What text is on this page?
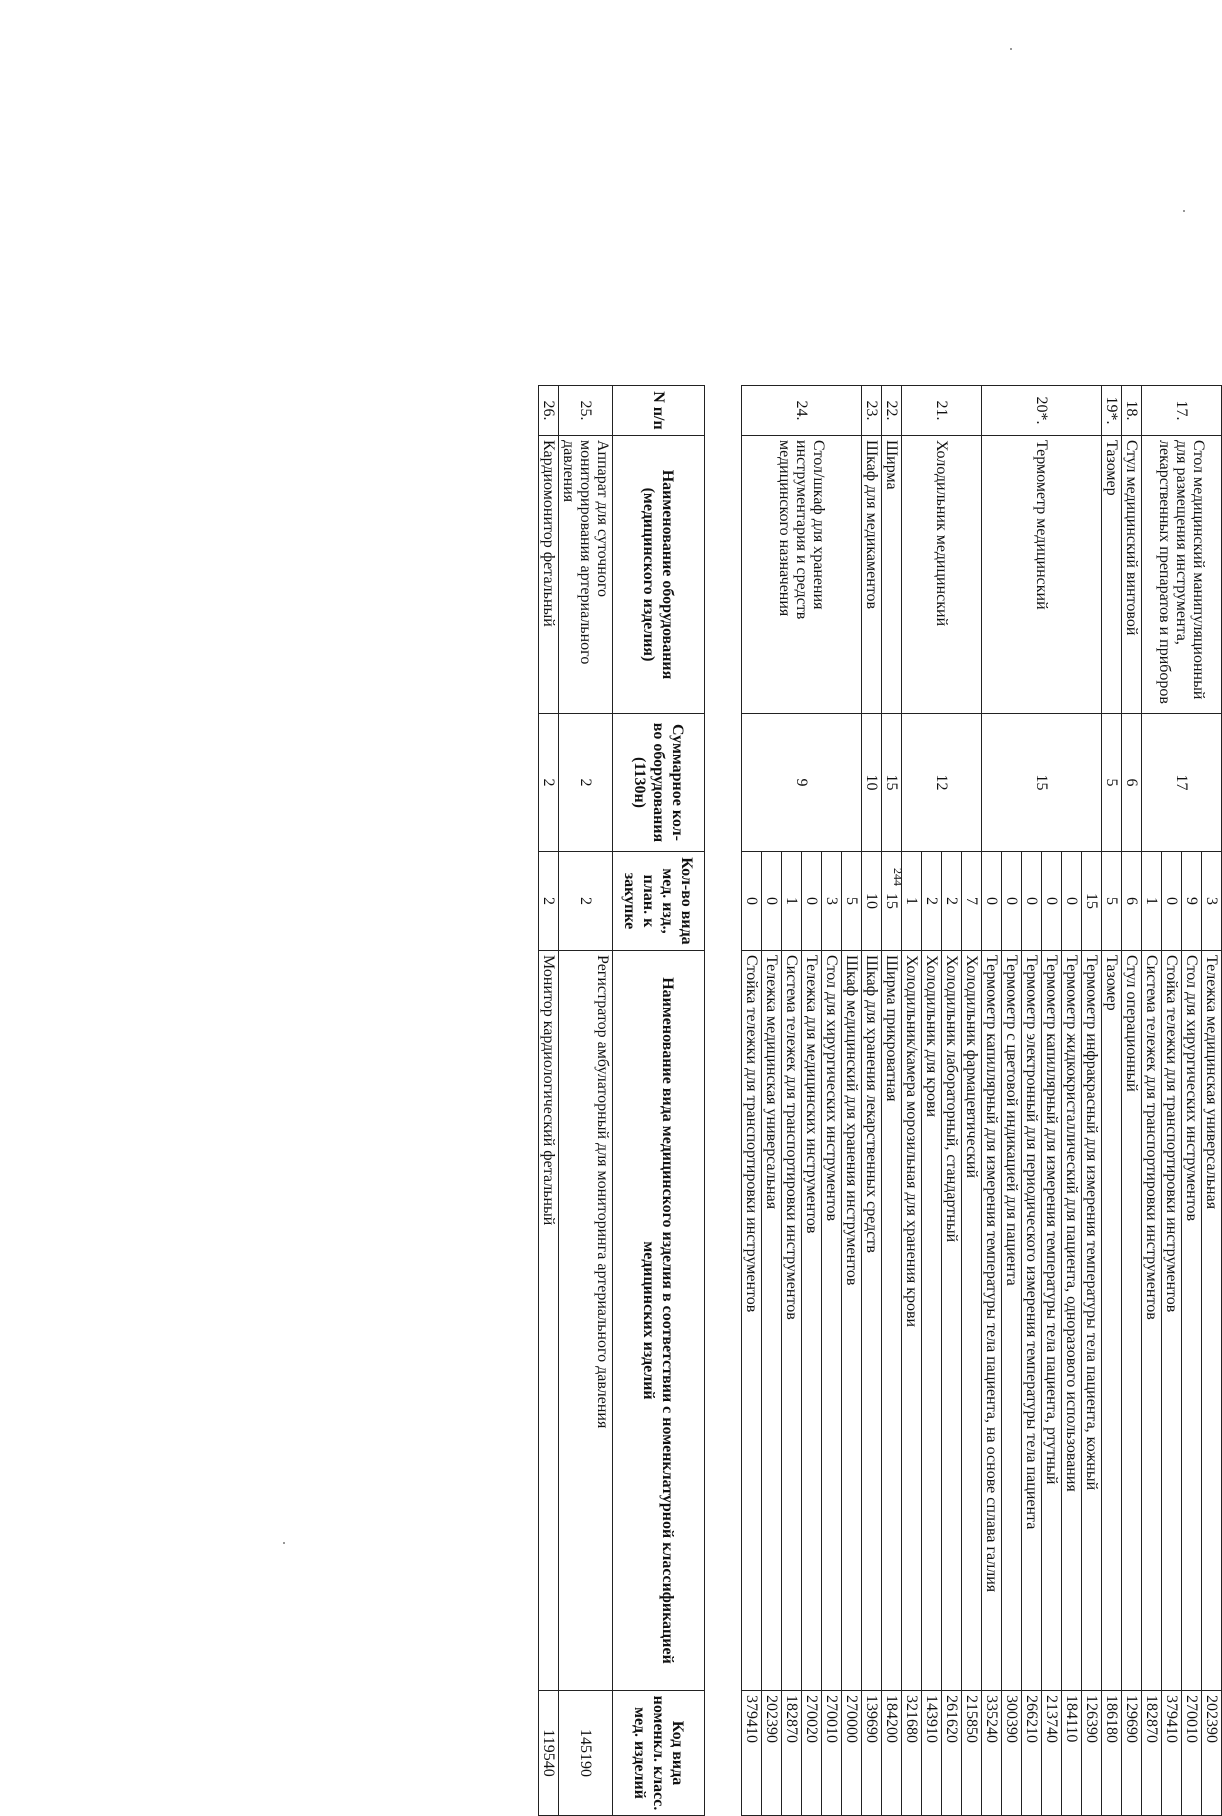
17.	Стол медицинский манипуляционный для размещения инструмента, лекарственных препаратов и приборов	17	3	Тележка медицинская универсальная	202390
			9	Стол для хирургических инструментов	270010
			0	Стойка тележки для транспортировки инструментов	379410
			1	Система тележек для транспортировки инструментов	182870
18.	Стул медицинский винтовой	6	6	Стул операционный	129690
19*.	Тазомер	5	5	Тазомер	186180
20*.	Термометр медицинский	15	15	Термометр инфракрасный для измерения температуры тела пациента, кожный	126390
			0	Термометр жидкокристаллический для пациента, одноразового использования	184110
			0	Термометр капиллярный для измерения температуры тела пациента, ртутный	213740
			0	Термометр электронный для периодического измерения температуры тела пациента	266210
			0	Термометр с цветовой индикацией для пациента	300390
			0	Термометр капиллярный для измерения температуры тела пациента, на основе сплава галлия	335240
21.	Холодильник медицинский	12	7	Холодильник фармацевтический	215850
			2	Холодильник лабораторный, стандартный	261620
			2	Холодильник для крови	143910
			1	Холодильник/камера морозильная для хранения крови	321680
22.	Ширма	15	15	Ширма прикроватная	184200
23.	Шкаф для медикаментов	10	10	Шкаф для хранения лекарственных средств	139690
24.	Стол/шкаф для хранения инструментария и средств медицинского назначения	9	5	Шкаф медицинский для хранения инструментов	270000
			3	Стол для хирургических инструментов	270010
			0	Тележка для медицинских инструментов	270020
			1	Система тележек для транспортировки инструментов	182870
			0	Тележка медицинская универсальная	202390
			0	Стойка тележки для транспортировки инструментов	379410
N п/п	Наименование оборудования (медицинского изделия)	Суммарное кол-во оборудования (1130н)	Кол-во вида мед. изд., план. к закупке	Наименование вида медицинского изделия в соответствии с номенклатурной классификацией медицинских изделий	Код вида номенкл. класс. мед. изделий
25.	Аппарат для суточного мониторирования артериального давления	2	2	Регистратор амбулаторный для мониторинга артериального давления	145190
26.	Кардиомонитор фетальный	2	2	Монитор кардиологический фетальный	119540
244
